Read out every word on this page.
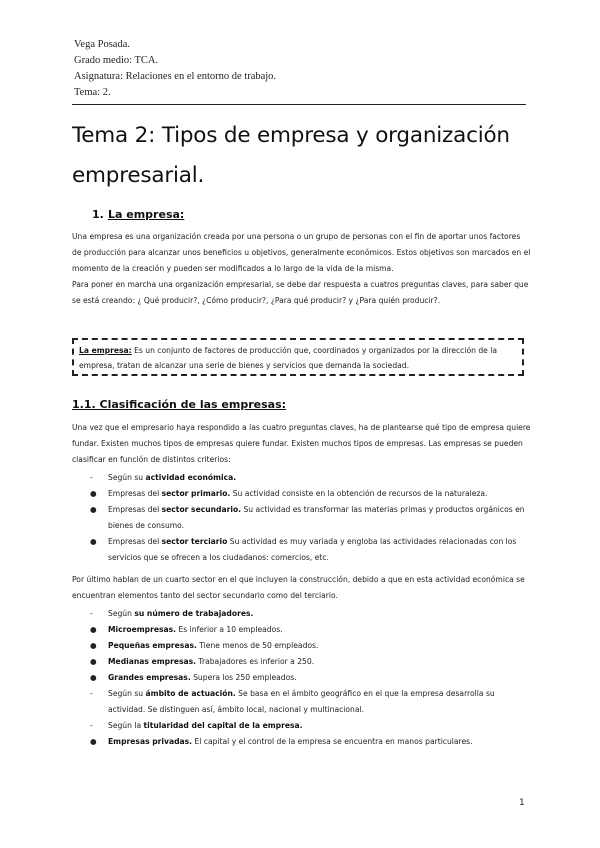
Vega Posada.
Grado medio: TCA.
Asignatura: Relaciones en el entorno de trabajo.
Tema: 2.
Tema 2: Tipos de empresa y organización empresarial.
1. La empresa:
Una empresa es una organización creada por una persona o un grupo de personas con el fin de aportar unos factores de producción para alcanzar unos beneficios u objetivos, generalmente económicos. Estos objetivos son marcados en el momento de la creación y pueden ser modificados a lo largo de la vida de la misma.
Para poner en marcha una organización empresarial, se debe dar respuesta a cuatros preguntas claves, para saber que se está creando: ¿ Qué producir?, ¿Cómo producir?, ¿Para qué producir? y ¿Para quién producir?.
La empresa: Es un conjunto de factores de producción que, coordinados y organizados por la dirección de la empresa, tratan de alcanzar una serie de bienes y servicios que demanda la sociedad.
1.1. Clasificación de las empresas:
Una vez que el empresario haya respondido a las cuatro preguntas claves, ha de plantearse qué tipo de empresa quiere fundar. Existen muchos tipos de empresas quiere fundar. Existen muchos tipos de empresas. Las empresas se pueden clasificar en función de distintos criterios:
-	Según su actividad económica.
●	Empresas del sector primario. Su actividad consiste en la obtención de recursos de la naturaleza.
●	Empresas del sector secundario. Su actividad es transformar las materias primas y productos orgánicos en bienes de consumo.
●	Empresas del sector terciario Su actividad es muy variada y engloba las actividades relacionadas con los servicios que se ofrecen a los ciudadanos: comercios, etc.
Por último hablan de un cuarto sector en el que incluyen la construcción, debido a que en esta actividad económica se encuentran elementos tanto del sector secundario como del terciario.
-	Según su número de trabajadores.
●	Microempresas. Es inferior a 10 empleados.
●	Pequeñas empresas. Tiene menos de 50 empleados.
●	Medianas empresas. Trabajadores es inferior a 250.
●	Grandes empresas. Supera los 250 empleados.
-	Según su ámbito de actuación. Se basa en el ámbito geográfico en el que la empresa desarrolla su actividad. Se distinguen así, ámbito local, nacional y multinacional.
-	Según la titularidad del capital de la empresa.
●	Empresas privadas. El capital y el control de la empresa se encuentra en manos particulares.
1
